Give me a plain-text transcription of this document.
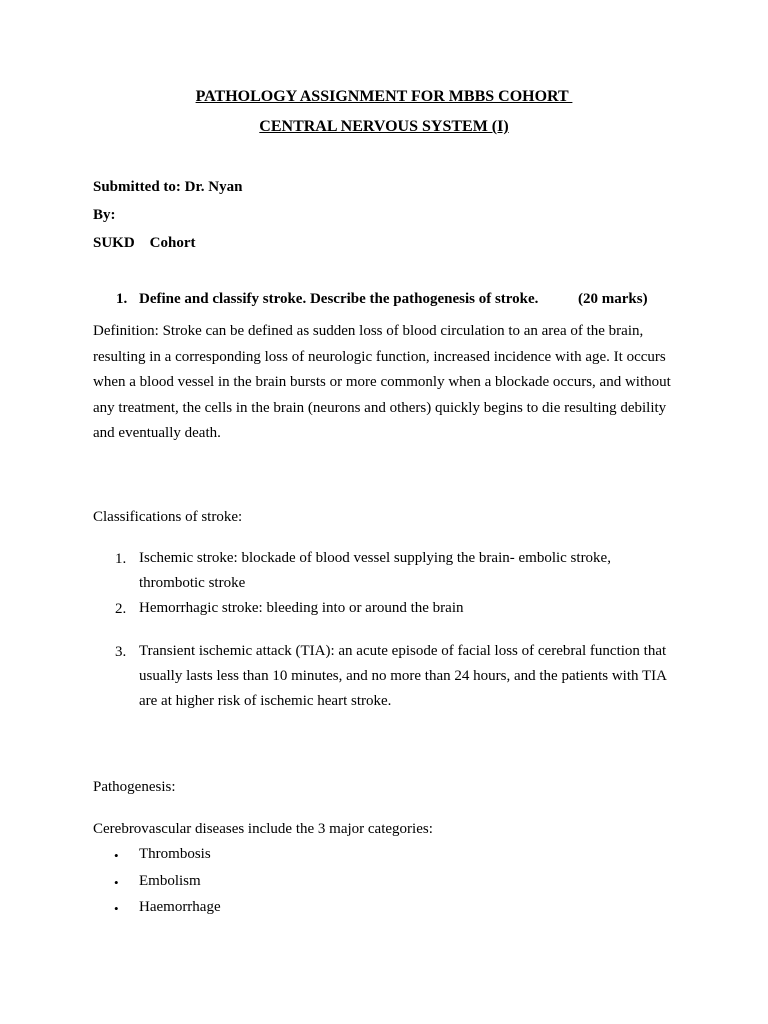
PATHOLOGY ASSIGNMENT FOR MBBS COHORT
CENTRAL NERVOUS SYSTEM (I)
Submitted to: Dr. Nyan
By:
SUKD    Cohort
1. Define and classify stroke. Describe the pathogenesis of stroke.	(20 marks)
Definition: Stroke can be defined as sudden loss of blood circulation to an area of the brain, resulting in a corresponding loss of neurologic function, increased incidence with age. It occurs when a blood vessel in the brain bursts or more commonly when a blockade occurs, and without any treatment, the cells in the brain (neurons and others) quickly begins to die resulting debility and eventually death.
Classifications of stroke:
1. Ischemic stroke: blockade of blood vessel supplying the brain- embolic stroke, thrombotic stroke
2. Hemorrhagic stroke: bleeding into or around the brain
3. Transient ischemic attack (TIA): an acute episode of facial loss of cerebral function that usually lasts less than 10 minutes, and no more than 24 hours, and the patients with TIA are at higher risk of ischemic heart stroke.
Pathogenesis:
Cerebrovascular diseases include the 3 major categories:
• Thrombosis
• Embolism
• Haemorrhage
